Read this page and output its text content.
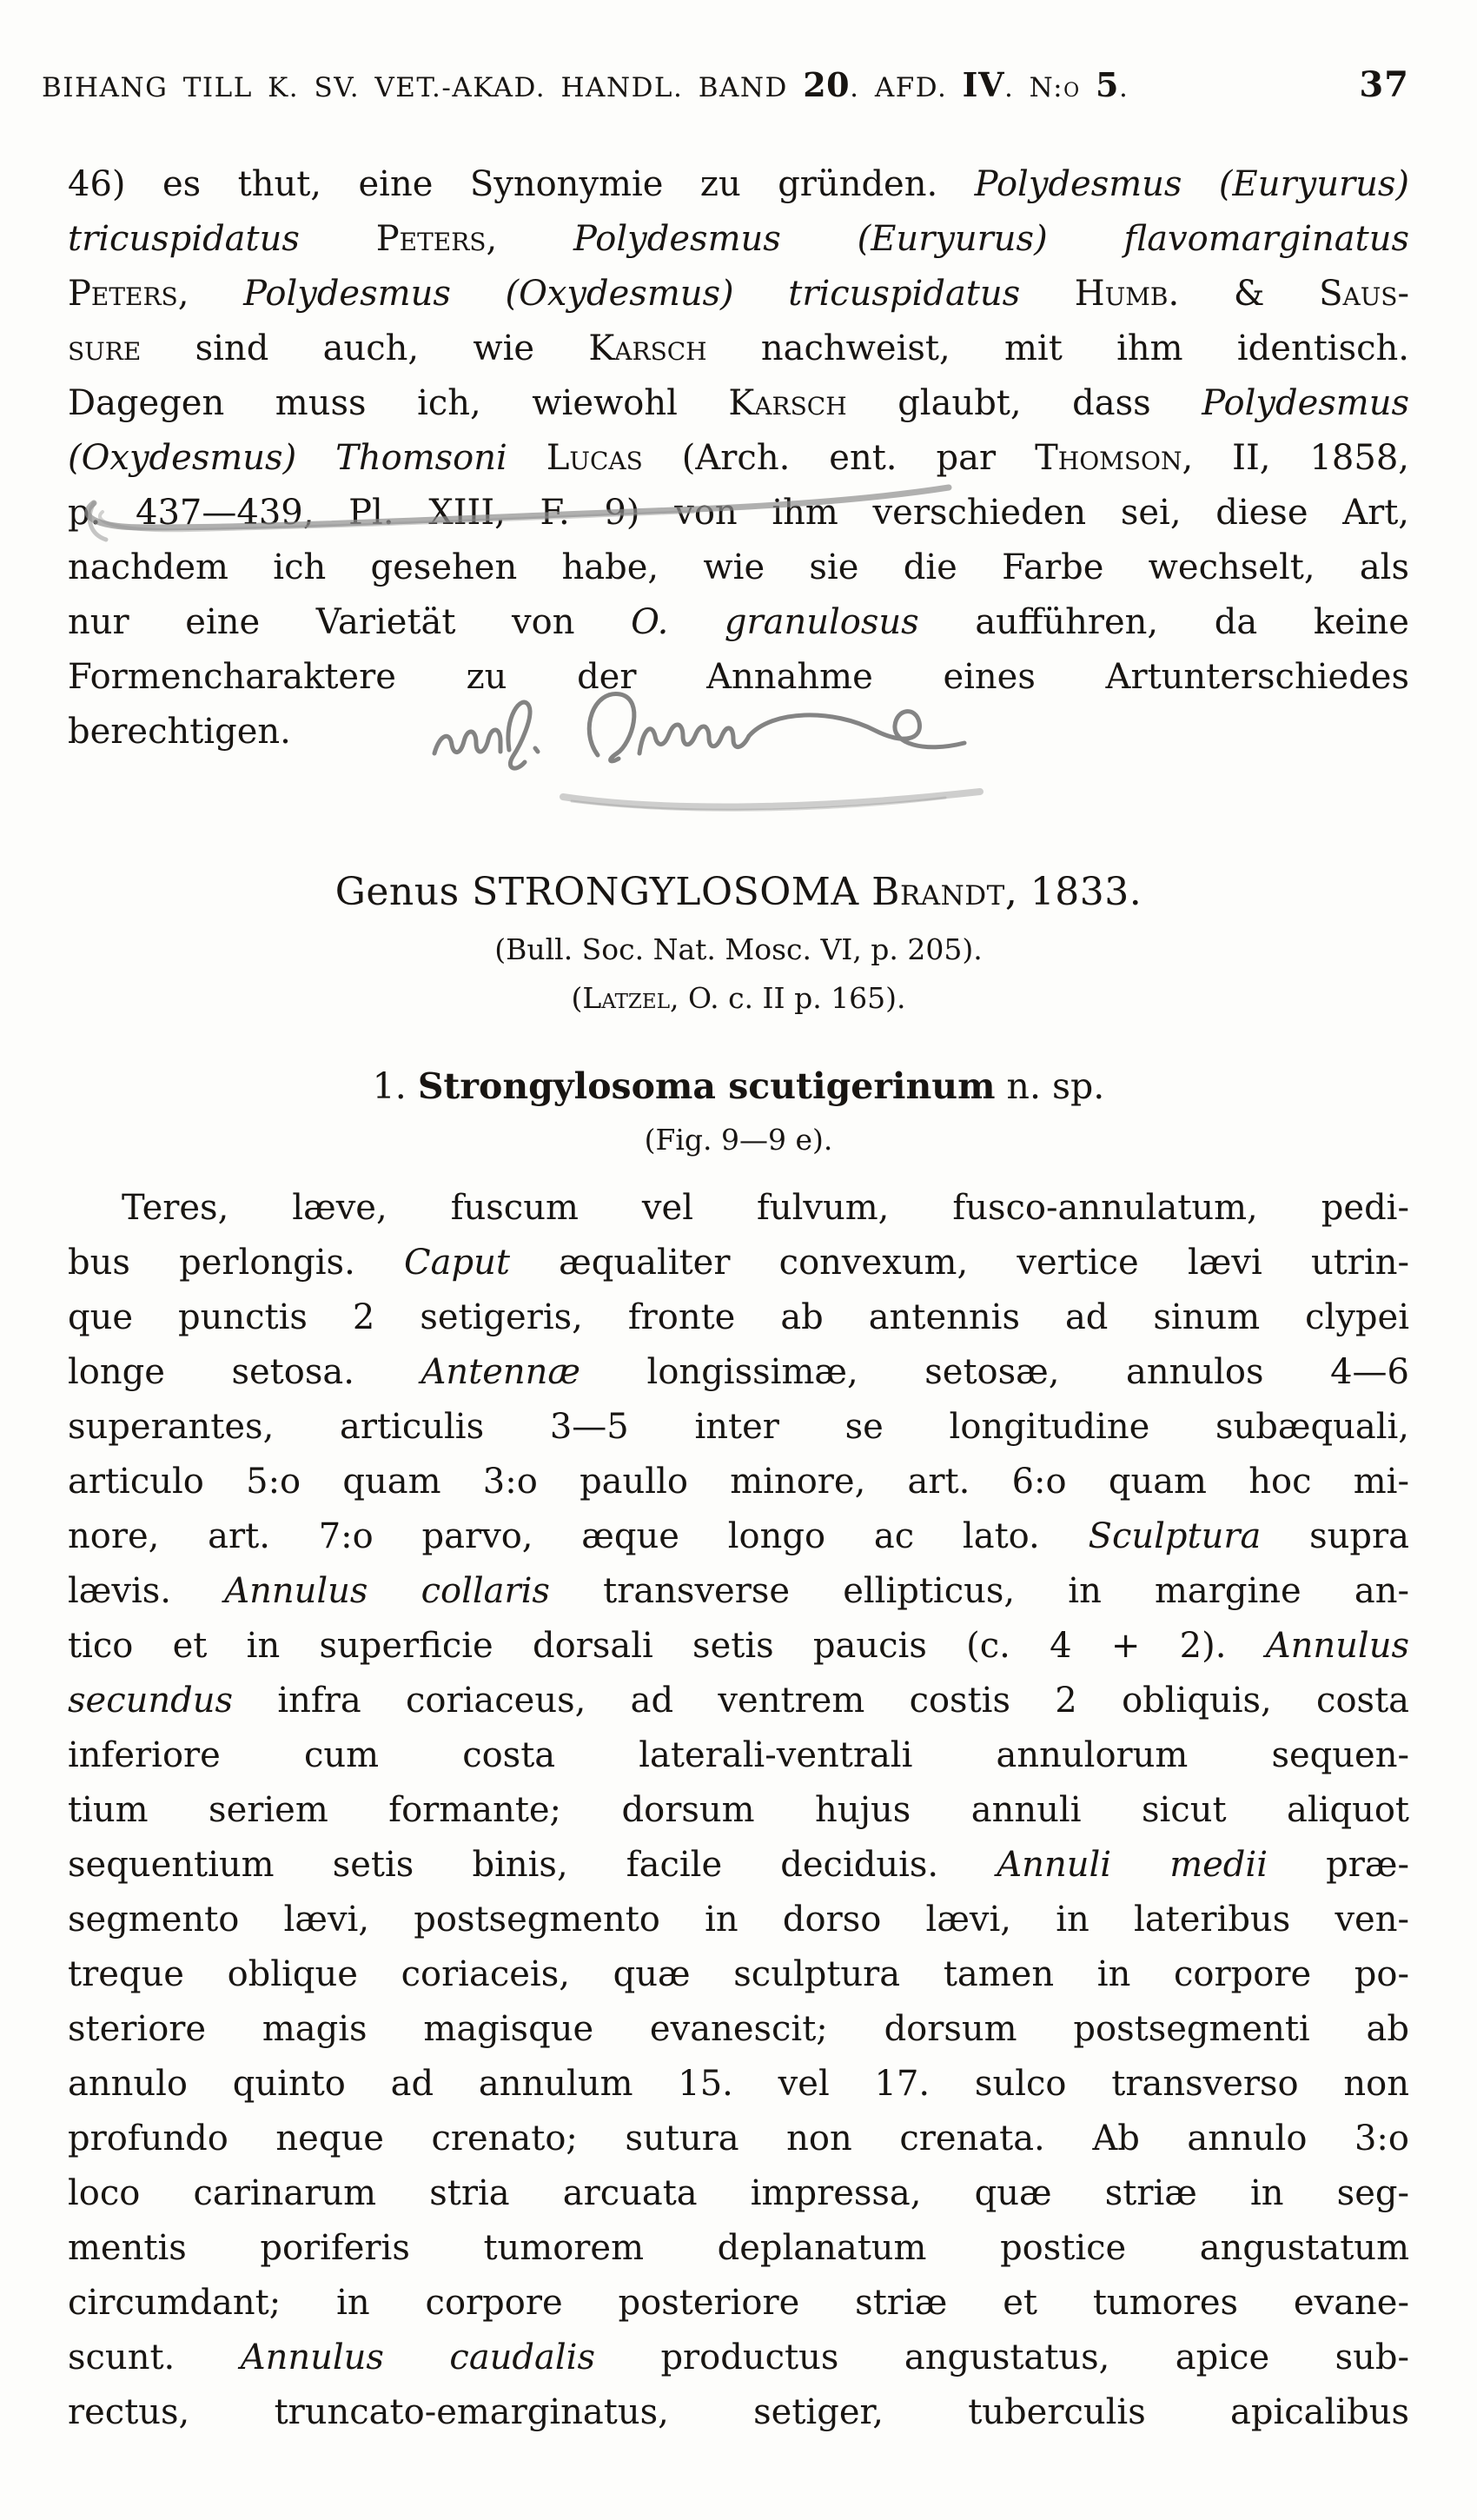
BIHANG TILL K. SV. VET.-AKAD. HANDL. BAND 20. AFD. IV. N:o 5.	37
46) es thut, eine Synonymie zu gründen. Polydesmus (Euryurus)
tricuspidatus Peters, Polydesmus (Euryurus) flavomarginatus
Peters, Polydesmus (Oxydesmus) tricuspidatus Humb. & Saus-
sure sind auch, wie Karsch nachweist, mit ihm identisch.
Dagegen muss ich, wiewohl Karsch glaubt, dass Polydesmus
(Oxydesmus) Thomsoni Lucas (Arch. ent. par Thomson, II, 1858,
p. 437—439, Pl. XIII, F. 9) von ihm verschieden sei, diese Art,
nachdem ich gesehen habe, wie sie die Farbe wechselt, als
nur eine Varietät von O. granulosus aufführen, da keine
Formencharaktere zu der Annahme eines Artunterschiedes
berechtigen.
Genus STRONGYLOSOMA Brandt, 1833.
(Bull. Soc. Nat. Mosc. VI, p. 205).
(Latzel, O. c. II p. 165).
1. Strongylosoma scutigerinum n. sp.
(Fig. 9—9 e).
Teres, læve, fuscum vel fulvum, fusco-annulatum, pedi-
bus perlongis. Caput æqualiter convexum, vertice lævi utrin-
que punctis 2 setigeris, fronte ab antennis ad sinum clypei
longe setosa. Antennæ longissimæ, setosæ, annulos 4—6
superantes, articulis 3—5 inter se longitudine subæquali,
articulo 5:o quam 3:o paullo minore, art. 6:o quam hoc mi-
nore, art. 7:o parvo, æque longo ac lato. Sculptura supra
lævis. Annulus collaris transverse ellipticus, in margine an-
tico et in superficie dorsali setis paucis (c. 4 + 2). Annulus
secundus infra coriaceus, ad ventrem costis 2 obliquis, costa
inferiore cum costa laterali-ventrali annulorum sequen-
tium seriem formante; dorsum hujus annuli sicut aliquot
sequentium setis binis, facile deciduis. Annuli medii præ-
segmento lævi, postsegmento in dorso lævi, in lateribus ven-
treque oblique coriaceis, quæ sculptura tamen in corpore po-
steriore magis magisque evanescit; dorsum postsegmenti ab
annulo quinto ad annulum 15. vel 17. sulco transverso non
profundo neque crenato; sutura non crenata. Ab annulo 3:o
loco carinarum stria arcuata impressa, quæ striæ in seg-
mentis poriferis tumorem deplanatum postice angustatum
circumdant; in corpore posteriore striæ et tumores evane-
scunt. Annulus caudalis productus angustatus, apice sub-
rectus, truncato-emarginatus, setiger, tuberculis apicalibus
